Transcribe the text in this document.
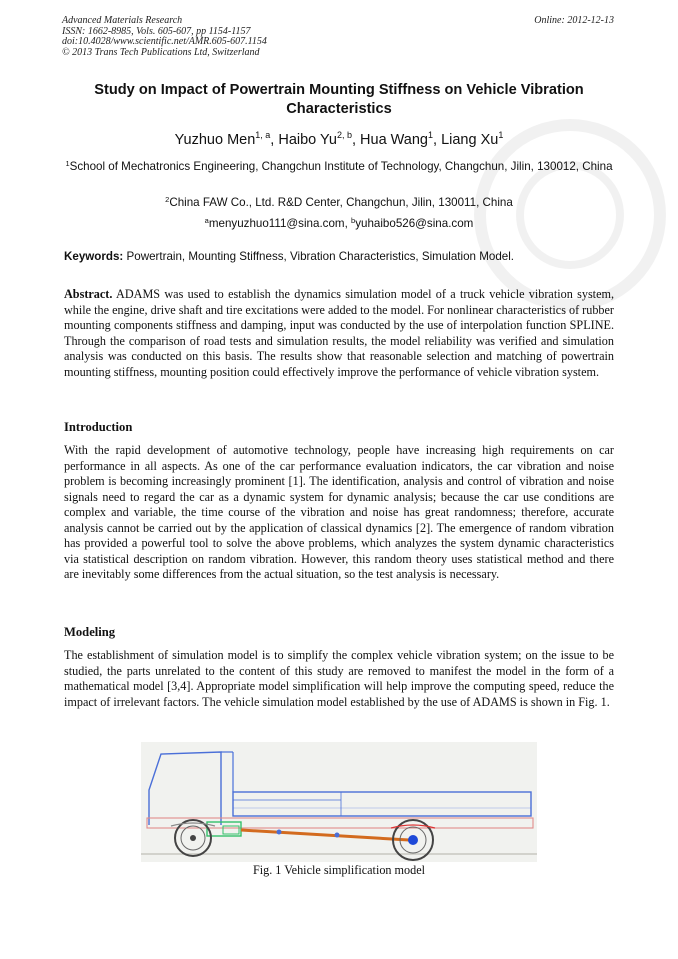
Advanced Materials Research
ISSN: 1662-8985, Vols. 605-607, pp 1154-1157
doi:10.4028/www.scientific.net/AMR.605-607.1154
© 2013 Trans Tech Publications Ltd, Switzerland
Online: 2012-12-13
Study on Impact of Powertrain Mounting Stiffness on Vehicle Vibration Characteristics
Yuzhuo Men$^{1, a}$, Haibo Yu$^{2, b}$, Hua Wang$^1$, Liang Xu$^1$
$^1$School of Mechatronics Engineering, Changchun Institute of Technology, Changchun, Jilin, 130012, China
$^2$China FAW Co., Ltd. R&D Center, Changchun, Jilin, 130011, China
$^a$menyuzhuo111@sina.com, $^b$yuhaibo526@sina.com
Keywords: Powertrain, Mounting Stiffness, Vibration Characteristics, Simulation Model.
Abstract. ADAMS was used to establish the dynamics simulation model of a truck vehicle vibration system, while the engine, drive shaft and tire excitations were added to the model. For nonlinear characteristics of rubber mounting components stiffness and damping, input was conducted by the use of interpolation function SPLINE. Through the comparison of road tests and simulation results, the model reliability was verified and simulation analysis was conducted on this basis. The results show that reasonable selection and matching of powertrain mounting stiffness, mounting position could effectively improve the performance of vehicle vibration system.
Introduction
With the rapid development of automotive technology, people have increasing high requirements on car performance in all aspects. As one of the car performance evaluation indicators, the car vibration and noise problem is becoming increasingly prominent [1]. The identification, analysis and control of vibration and noise signals need to regard the car as a dynamic system for dynamic analysis; because the car use conditions are complex and variable, the time course of the vibration and noise has great randomness; therefore, accurate analysis cannot be carried out by the application of classical dynamics [2]. The emergence of random vibration has provided a powerful tool to solve the above problems, which analyzes the system dynamic characteristics via statistical description on random vibration. However, this random theory uses statistical method and there are inevitably some differences from the actual situation, so the test analysis is necessary.
Modeling
The establishment of simulation model is to simplify the complex vehicle vibration system; on the issue to be studied, the parts unrelated to the content of this study are removed to manifest the model in the form of a mathematical model [3,4]. Appropriate model simplification will help improve the computing speed, reduce the impact of irrelevant factors. The vehicle simulation model established by the use of ADAMS is shown in Fig. 1.
Fig. 1 Vehicle simplification model
